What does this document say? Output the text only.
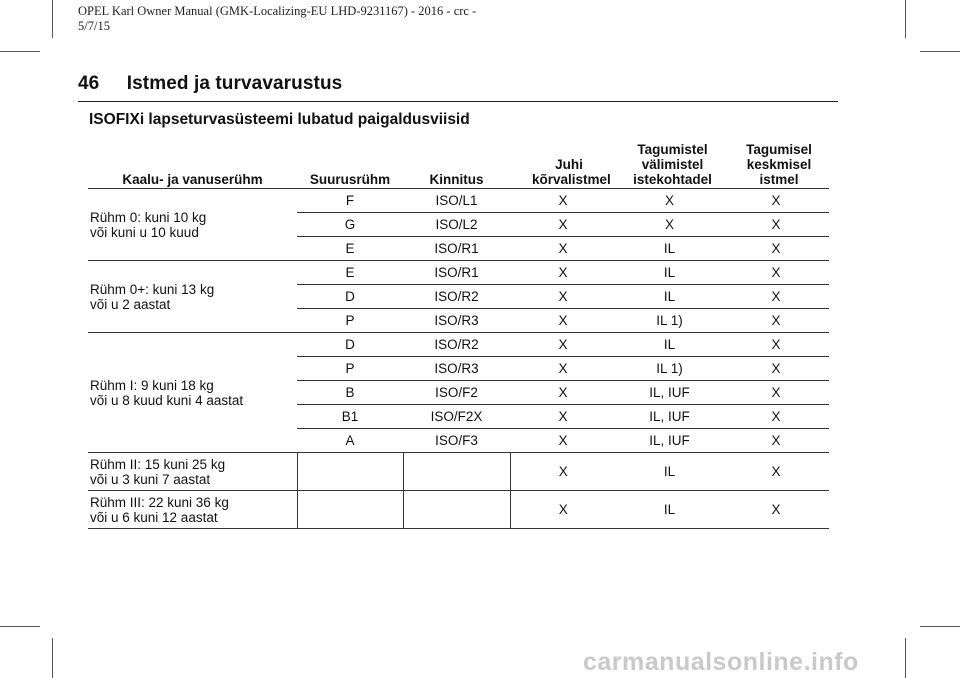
OPEL Karl Owner Manual (GMK-Localizing-EU LHD-9231167) - 2016 - crc -
5/7/15
46 Istmed ja turvavarustus
ISOFIXi lapseturvasüsteemi lubatud paigaldusviisid
Kaalu- ja vanuserühm	Suurusrühm	Kinnitus	Juhi kõrvalistmel	Tagumistel välimistel istekohtadel	Tagumisel keskmisel istmel

Rühm 0: kuni 10 kg
või kuni u 10 kuud	F	ISO/L1	X	X	X
	G	ISO/L2	X	X	X
	E	ISO/R1	X	IL	X

Rühm 0+: kuni 13 kg
või u 2 aastat	E	ISO/R1	X	IL	X
	D	ISO/R2	X	IL	X
	P	ISO/R3	X	IL 1)	X

Rühm I: 9 kuni 18 kg
või u 8 kuud kuni 4 aastat	D	ISO/R2	X	IL	X
	P	ISO/R3	X	IL 1)	X
	B	ISO/F2	X	IL, IUF	X
	B1	ISO/F2X	X	IL, IUF	X
	A	ISO/F3	X	IL, IUF	X

Rühm II: 15 kuni 25 kg
või u 3 kuni 7 aastat			X	IL	X

Rühm III: 22 kuni 36 kg
või u 6 kuni 12 aastat			X	IL	X
carmanualsonline.info
